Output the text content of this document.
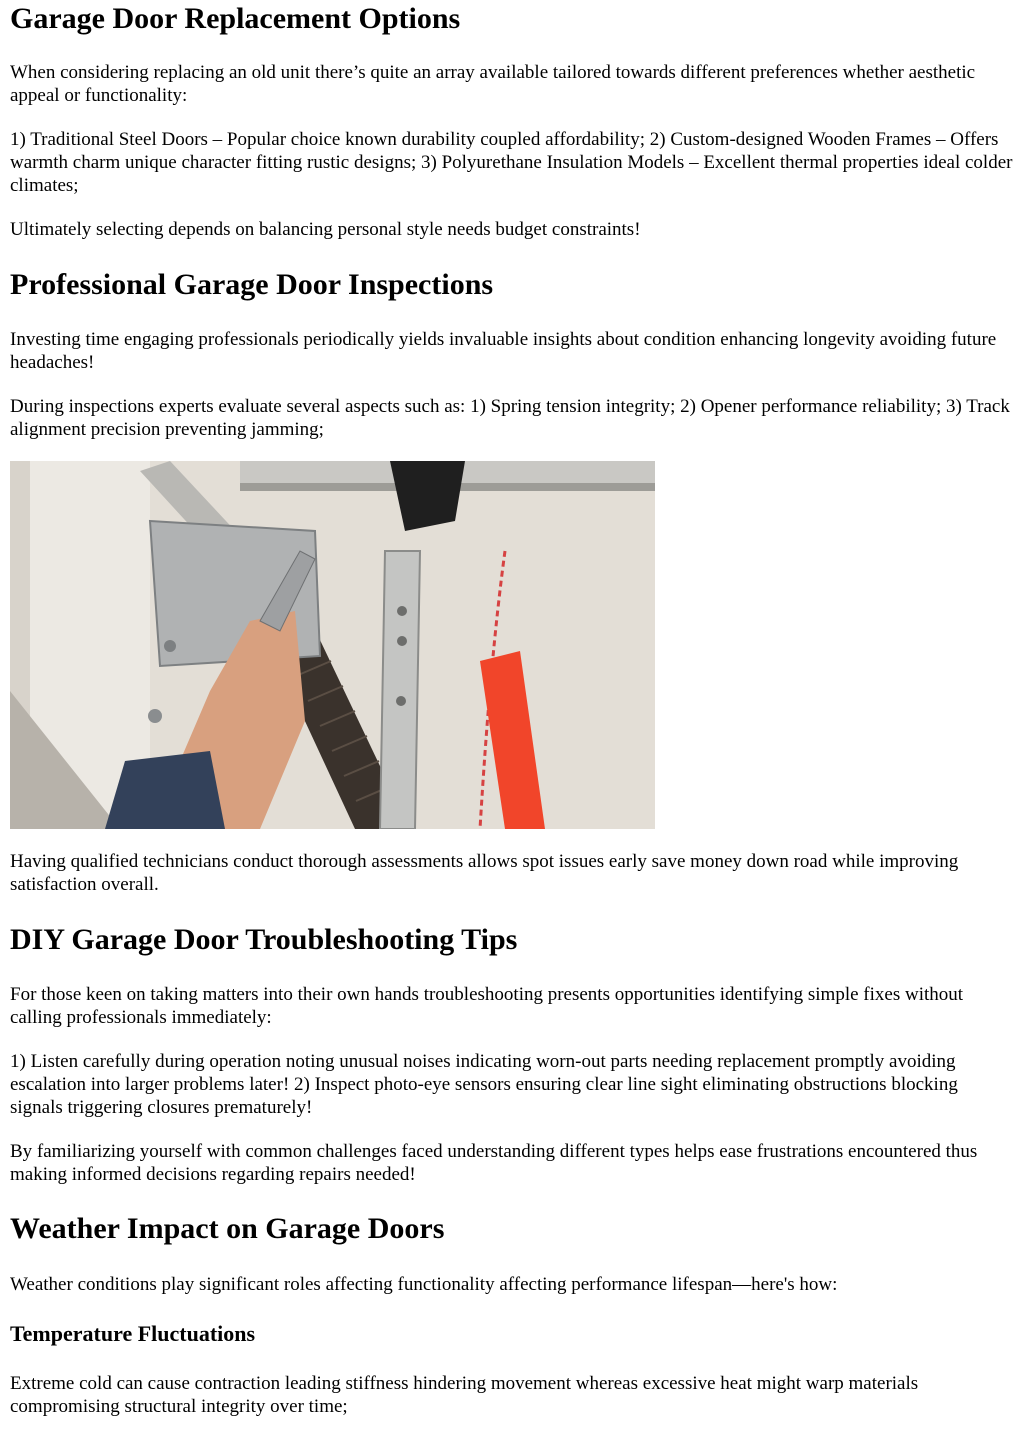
Garage Door Replacement Options

When considering replacing an old unit there’s quite an array available tailored towards different preferences whether aesthetic appeal or functionality:

1) Traditional Steel Doors – Popular choice known durability coupled affordability; 2) Custom-designed Wooden Frames – Offers warmth charm unique character fitting rustic designs; 3) Polyurethane Insulation Models – Excellent thermal properties ideal colder climates;

Ultimately selecting depends on balancing personal style needs budget constraints!

Professional Garage Door Inspections

Investing time engaging professionals periodically yields invaluable insights about condition enhancing longevity avoiding future headaches!

During inspections experts evaluate several aspects such as: 1) Spring tension integrity; 2) Opener performance reliability; 3) Track alignment precision preventing jamming;

Having qualified technicians conduct thorough assessments allows spot issues early save money down road while improving satisfaction overall.

DIY Garage Door Troubleshooting Tips

For those keen on taking matters into their own hands troubleshooting presents opportunities identifying simple fixes without calling professionals immediately:

1) Listen carefully during operation noting unusual noises indicating worn-out parts needing replacement promptly avoiding escalation into larger problems later! 2) Inspect photo-eye sensors ensuring clear line sight eliminating obstructions blocking signals triggering closures prematurely!

By familiarizing yourself with common challenges faced understanding different types helps ease frustrations encountered thus making informed decisions regarding repairs needed!

Weather Impact on Garage Doors

Weather conditions play significant roles affecting functionality affecting performance lifespan—here's how:

Temperature Fluctuations

Extreme cold can cause contraction leading stiffness hindering movement whereas excessive heat might warp materials compromising structural integrity over time;
